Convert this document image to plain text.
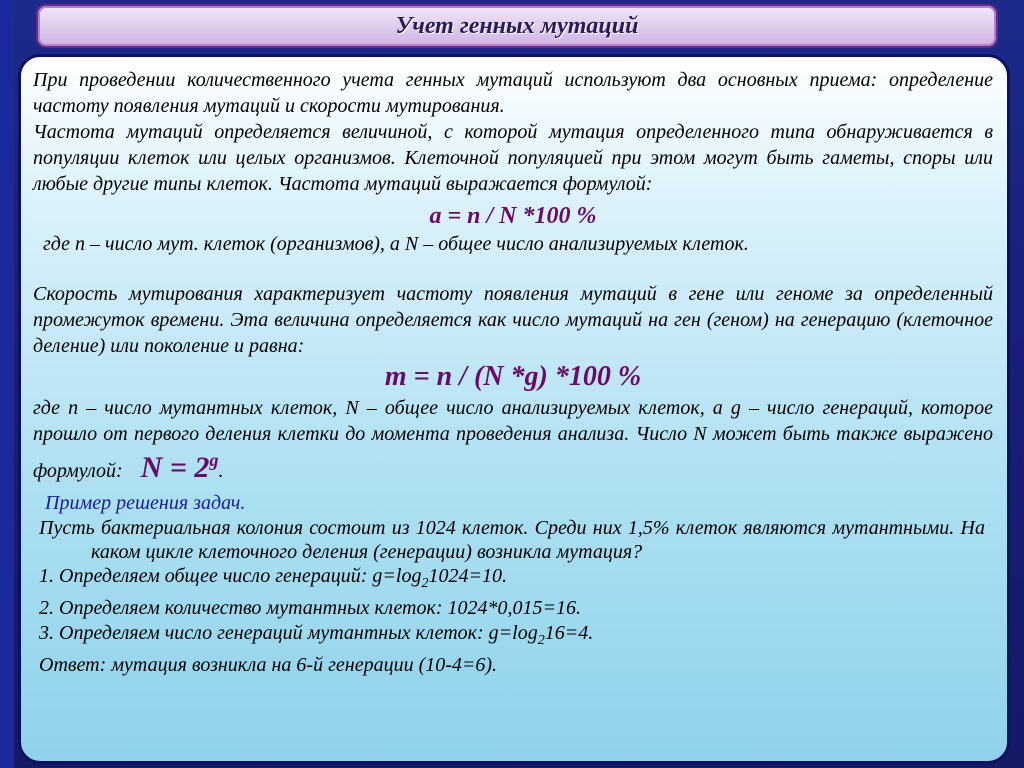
Учет генных мутаций

При проведении количественного учета генных мутаций используют два основных приема: определение частоту появления мутаций и скорости мутирования.

Частота мутаций определяется величиной, с которой мутация определенного типа обнаруживается в популяции клеток или целых организмов. Клеточной популяцией при этом могут быть гаметы, споры или любые другие типы клеток. Частота мутаций выражается формулой:

a = n / N *100 %

где n – число мут. клеток (организмов), а N – общее число анализируемых клеток.

Скорость мутирования характеризует частоту появления мутаций в гене или геноме за определенный промежуток времени. Эта величина определяется как число мутаций на ген (геном) на генерацию (клеточное деление) или поколение и равна:

m = n / (N *g) *100 %

где n – число мутантных клеток, N – общее число анализируемых клеток, а g – число генераций, которое прошло от первого деления клетки до момента проведения анализа. Число N может быть также выражено формулой: $N = 2^g$.

Пример решения задач.

Пусть бактериальная колония состоит из 1024 клеток. Среди них 1,5% клеток являются мутантными. На каком цикле клеточного деления (генерации) возникла мутация?

1. Определяем общее число генераций: $g=\log_21024=10$.

2. Определяем количество мутантных клеток: 1024*0,015=16.

3. Определяем число генераций мутантных клеток: $g=\log_216=4$.

Ответ: мутация возникла на 6-й генерации (10-4=6).
